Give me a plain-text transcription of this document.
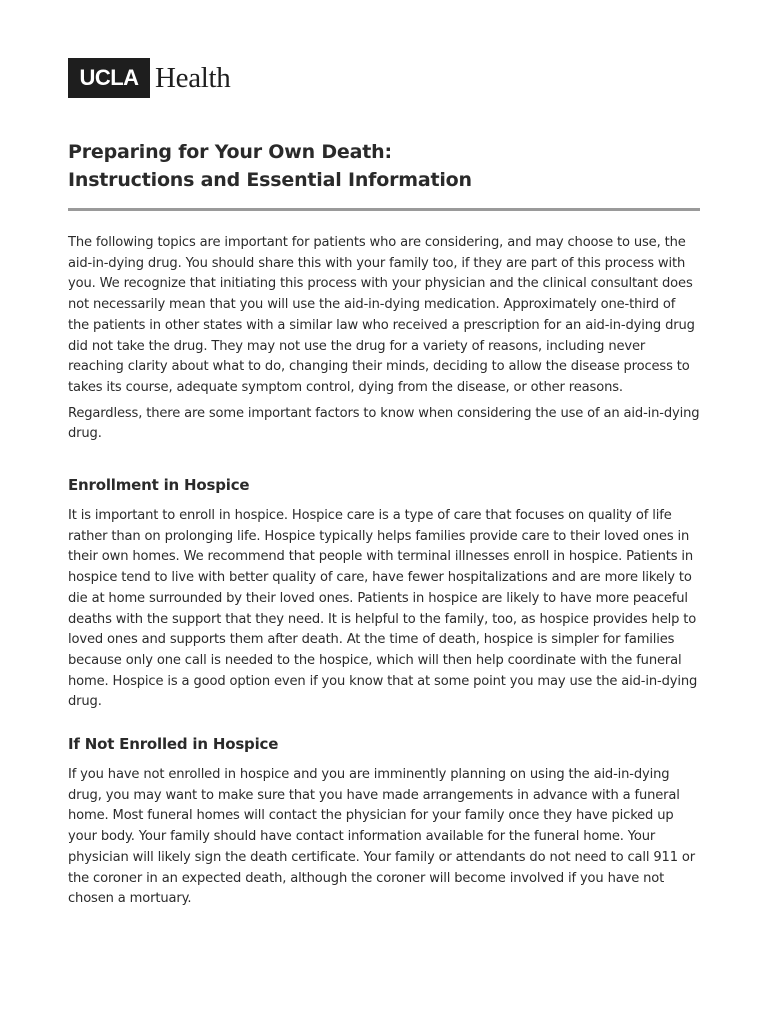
UCLA Health
Preparing for Your Own Death:
Instructions and Essential Information

The following topics are important for patients who are considering, and may choose to use, the aid-in-dying drug. You should share this with your family too, if they are part of this process with you. We recognize that initiating this process with your physician and the clinical consultant does not necessarily mean that you will use the aid-in-dying medication. Approximately one-third of the patients in other states with a similar law who received a prescription for an aid-in-dying drug did not take the drug. They may not use the drug for a variety of reasons, including never reaching clarity about what to do, changing their minds, deciding to allow the disease process to takes its course, adequate symptom control, dying from the disease, or other reasons.

Regardless, there are some important factors to know when considering the use of an aid-in-dying drug.

Enrollment in Hospice

It is important to enroll in hospice. Hospice care is a type of care that focuses on quality of life rather than on prolonging life. Hospice typically helps families provide care to their loved ones in their own homes. We recommend that people with terminal illnesses enroll in hospice. Patients in hospice tend to live with better quality of care, have fewer hospitalizations and are more likely to die at home surrounded by their loved ones. Patients in hospice are likely to have more peaceful deaths with the support that they need. It is helpful to the family, too, as hospice provides help to loved ones and supports them after death. At the time of death, hospice is simpler for families because only one call is needed to the hospice, which will then help coordinate with the funeral home. Hospice is a good option even if you know that at some point you may use the aid-in-dying drug.

If Not Enrolled in Hospice

If you have not enrolled in hospice and you are imminently planning on using the aid-in-dying drug, you may want to make sure that you have made arrangements in advance with a funeral home. Most funeral homes will contact the physician for your family once they have picked up your body. Your family should have contact information available for the funeral home. Your physician will likely sign the death certificate. Your family or attendants do not need to call 911 or the coroner in an expected death, although the coroner will become involved if you have not chosen a mortuary.
